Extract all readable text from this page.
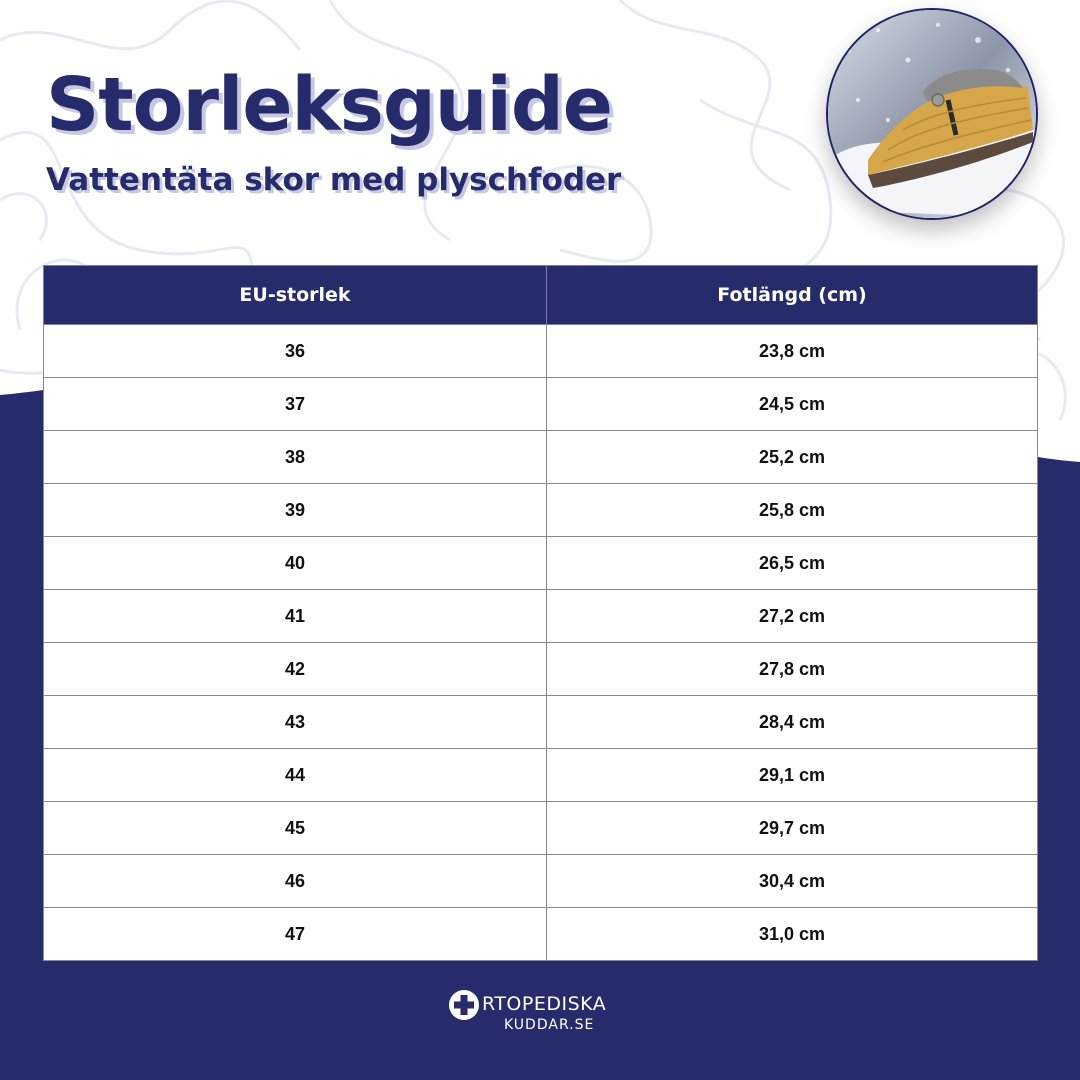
Storleksguide
Vattentäta skor med plyschfoder
EU-storlek	Fotlängd (cm)
36	23,8 cm
37	24,5 cm
38	25,2 cm
39	25,8 cm
40	26,5 cm
41	27,2 cm
42	27,8 cm
43	28,4 cm
44	29,1 cm
45	29,7 cm
46	30,4 cm
47	31,0 cm
RTOPEDISKA
KUDDAR.SE
